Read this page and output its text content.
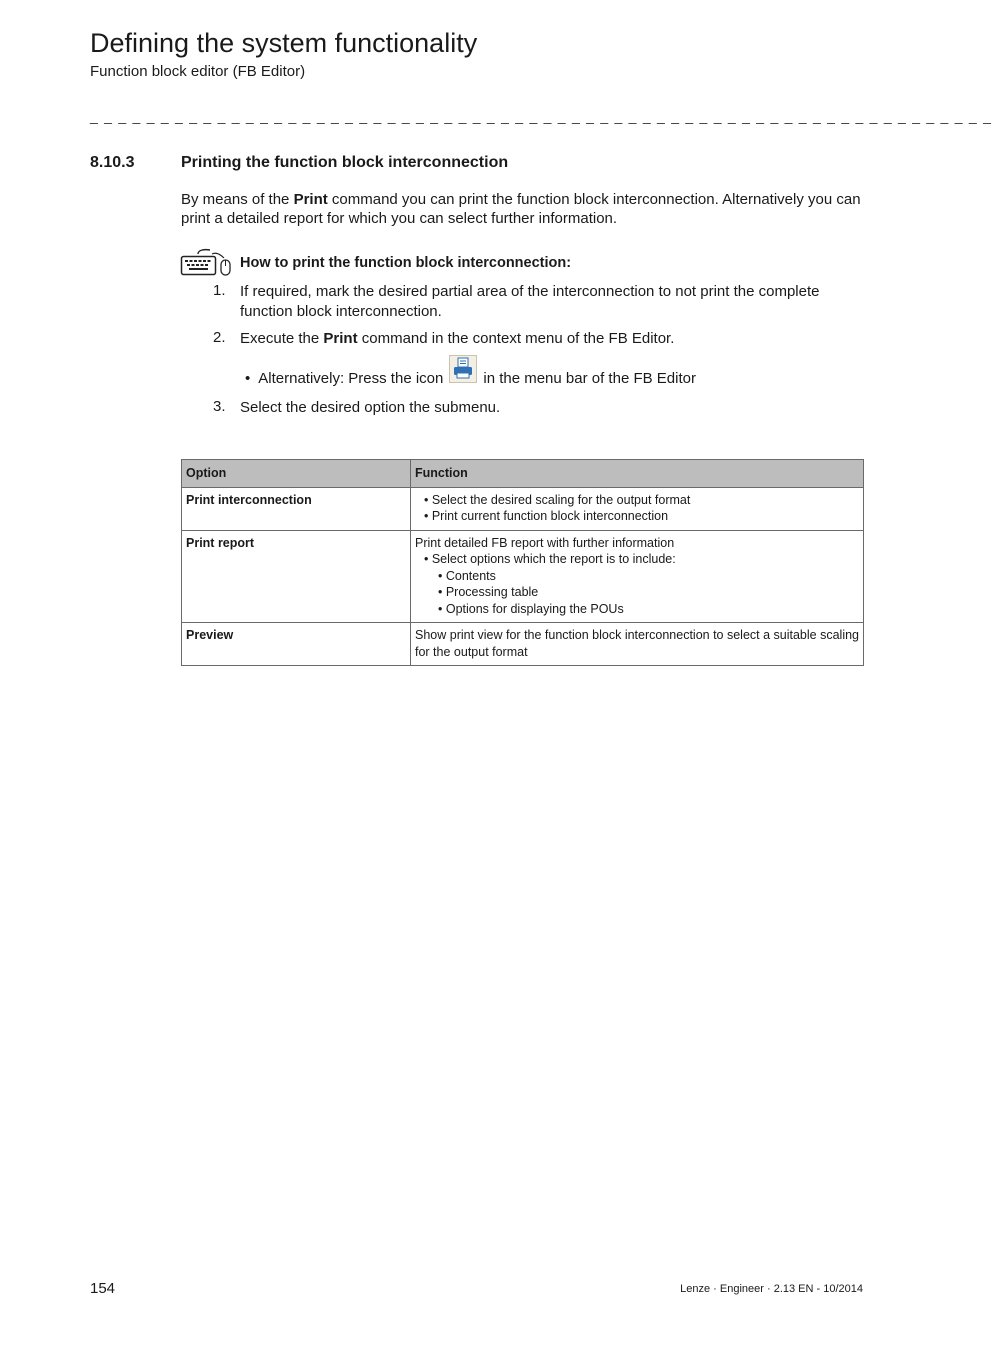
Defining the system functionality
Function block editor (FB Editor)
_ _ _ _ _ _ _ _ _ _ _ _ _ _ _ _ _ _ _ _ _ _ _ _ _ _ _ _ _ _ _ _ _ _ _ _ _ _ _ _ _ _ _ _ _ _ _ _ _ _ _ _ _ _ _ _ _ _ _ _ _ _ _ _
8.10.3	Printing the function block interconnection
By means of the Print command you can print the function block interconnection. Alternatively you can print a detailed report for which you can select further information.
How to print the function block interconnection:
1. If required, mark the desired partial area of the interconnection to not print the complete function block interconnection.
2. Execute the Print command in the context menu of the FB Editor.
• Alternatively: Press the icon	in the menu bar of the FB Editor
3. Select the desired option the submenu.
Option	Function
Print interconnection	• Select the desired scaling for the output format
• Print current function block interconnection

Print report	Print detailed FB report with further information
• Select options which the report is to include:
• Contents
• Processing table
• Options for displaying the POUs

Preview	Show print view for the function block interconnection to select a suitable scaling for the output format
154	Lenze · Engineer · 2.13 EN - 10/2014
